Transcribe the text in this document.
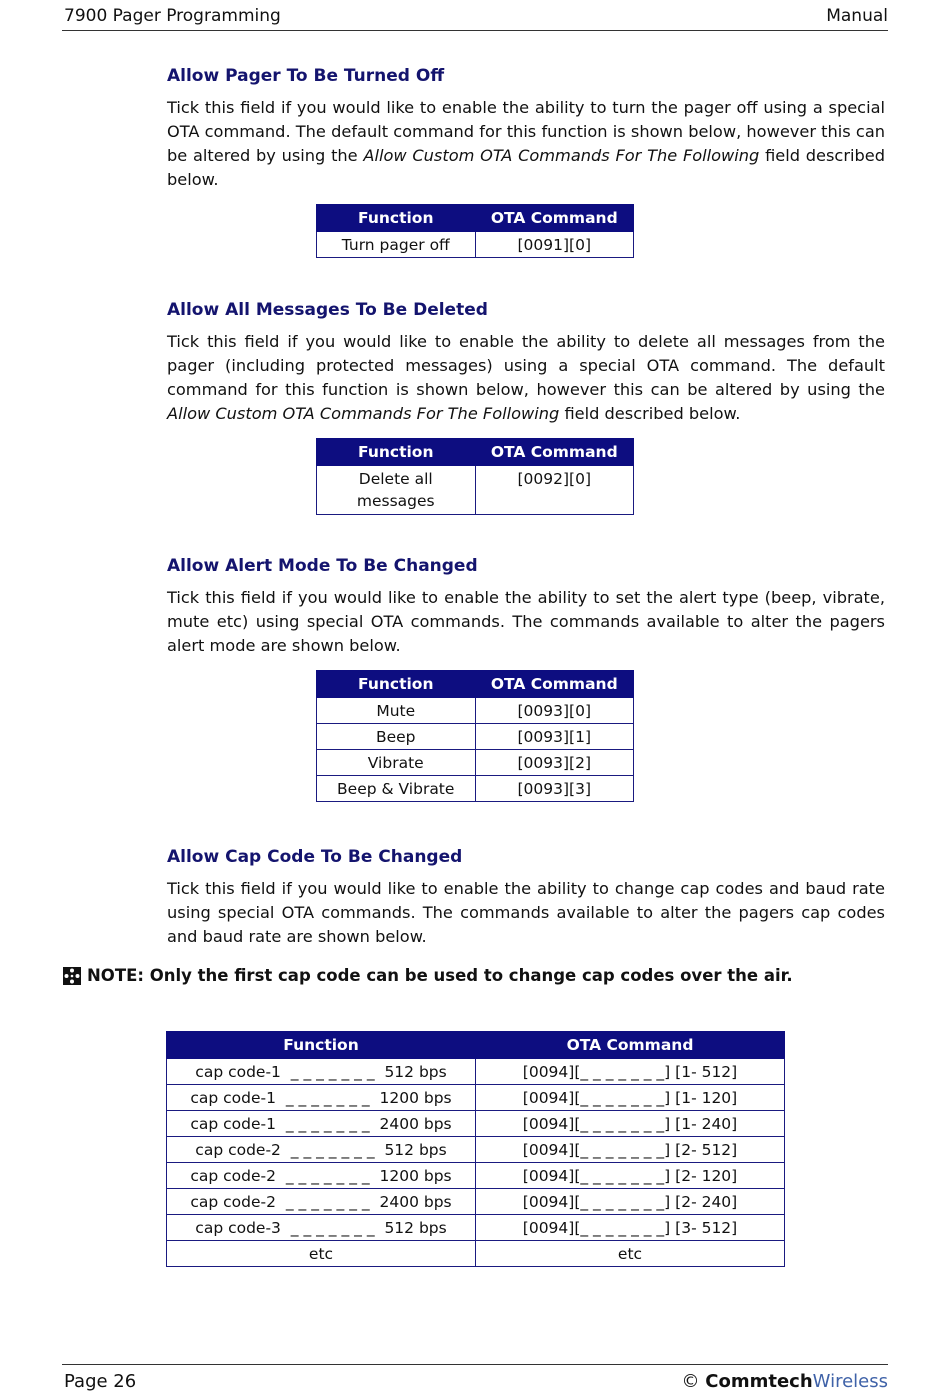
7900 Pager Programming	Manual
Allow Pager To Be Turned Off

Tick this field if you would like to enable the ability to turn the pager off using a special OTA command. The default command for this function is shown below, however this can be altered by using the Allow Custom OTA Commands For The Following field described below.

Function	OTA Command
Turn pager off	[0091][0]
Allow All Messages To Be Deleted

Tick this field if you would like to enable the ability to delete all messages from the pager (including protected messages) using a special OTA command. The default command for this function is shown below, however this can be altered by using the Allow Custom OTA Commands For The Following field described below.

Function	OTA Command
Delete all messages	[0092][0]
Allow Alert Mode To Be Changed

Tick this field if you would like to enable the ability to set the alert type (beep, vibrate, mute etc) using special OTA commands. The commands available to alter the pagers alert mode are shown below.

Function	OTA Command
Mute	[0093][0]
Beep	[0093][1]
Vibrate	[0093][2]
Beep & Vibrate	[0093][3]
Allow Cap Code To Be Changed

Tick this field if you would like to enable the ability to change cap codes and baud rate using special OTA commands. The commands available to alter the pagers cap codes and baud rate are shown below.

NOTE: Only the first cap code can be used to change cap codes over the air.
Function	OTA Command
cap code-1  _ _ _ _ _ _ _  512 bps	[0094][_ _ _ _ _ _ _] [1- 512]
cap code-1  _ _ _ _ _ _ _  1200 bps	[0094][_ _ _ _ _ _ _] [1- 120]
cap code-1  _ _ _ _ _ _ _  2400 bps	[0094][_ _ _ _ _ _ _] [1- 240]
cap code-2  _ _ _ _ _ _ _  512 bps	[0094][_ _ _ _ _ _ _] [2- 512]
cap code-2  _ _ _ _ _ _ _  1200 bps	[0094][_ _ _ _ _ _ _] [2- 120]
cap code-2  _ _ _ _ _ _ _  2400 bps	[0094][_ _ _ _ _ _ _] [2- 240]
cap code-3  _ _ _ _ _ _ _  512 bps	[0094][_ _ _ _ _ _ _] [3- 512]
etc	etc
Page 26	© CommtechWireless
